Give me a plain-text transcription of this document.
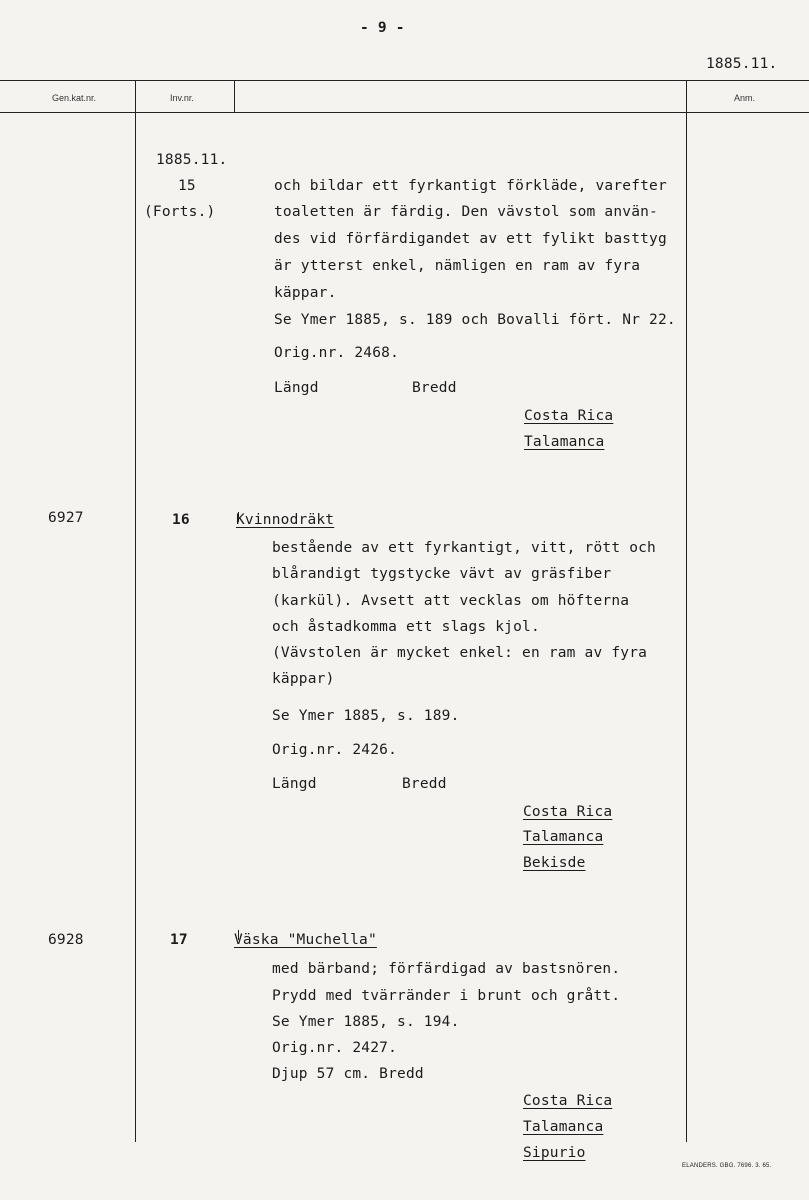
- 9 -
1885.11.
Gen.kat.nr.	Inv.nr.	Anm.
1885.11.
15
(Forts.)
och bildar ett fyrkantigt förkläde, varefter
toaletten är färdig. Den vävstol som använ-
des vid förfärdigandet av ett fylikt basttyg
är ytterst enkel, nämligen en ram av fyra
käppar.
Se Ymer 1885, s. 189 och Bovalli fört. Nr 22.
Orig.nr. 2468.
Längd	Bredd
Costa Rica
Talamanca
6927	16	Kvinnodräkt
bestående av ett fyrkantigt, vitt, rött och
blårandigt tygstycke vävt av gräsfiber
(karkül). Avsett att vecklas om höfterna
och åstadkomma ett slags kjol.
(Vävstolen är mycket enkel: en ram av fyra
käppar)
Se Ymer 1885, s. 189.
Orig.nr. 2426.
Längd	Bredd
Costa Rica
Talamanca
Bekisde
6928	17	Väska "Muchella"
med bärband; förfärdigad av bastsnören.
Prydd med tvärränder i brunt och grått.
Se Ymer 1885, s. 194.
Orig.nr. 2427.
Djup 57 cm. Bredd
Costa Rica
Talamanca
Sipurio
ELANDERS. GBG. 7696. 3. 65.
